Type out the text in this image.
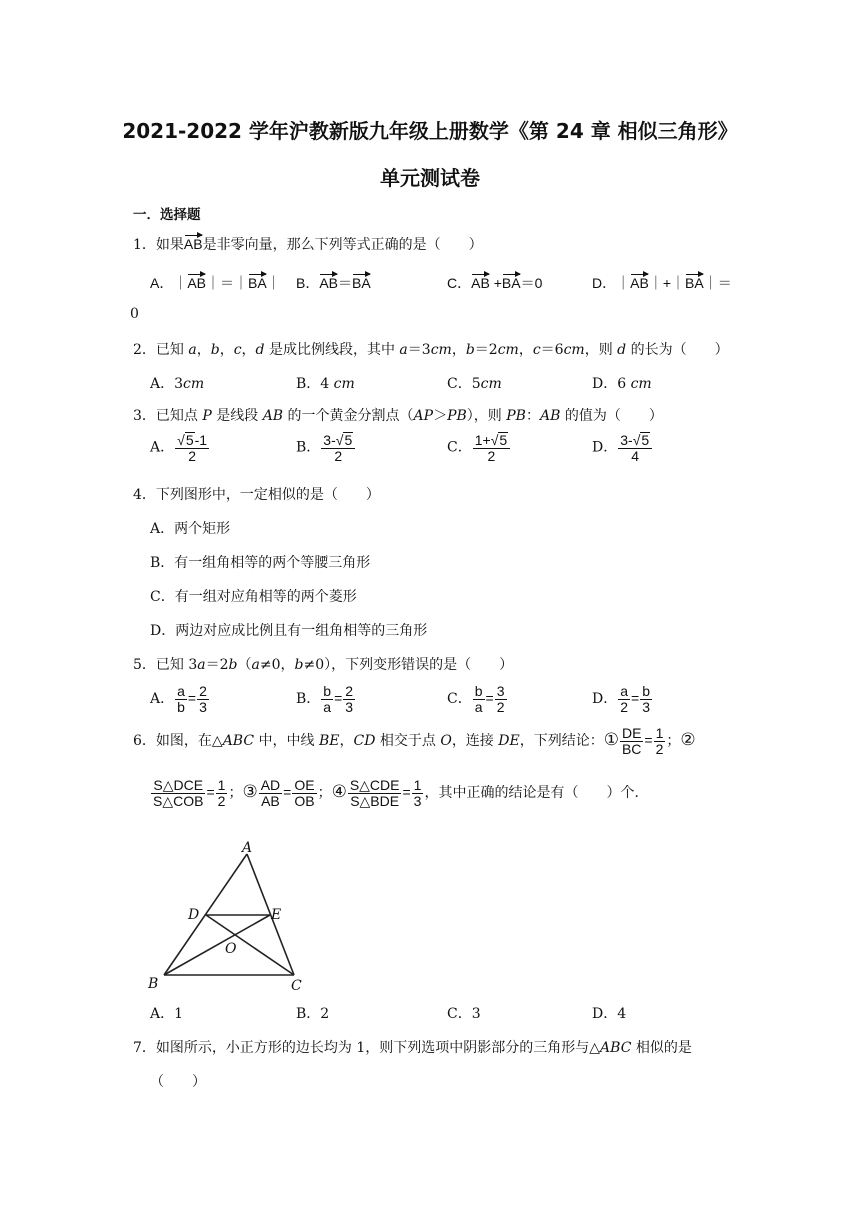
2021-2022 学年沪教新版九年级上册数学《第 24 章 相似三角形》
单元测试卷
一．选择题
1．如果AB是非零向量，那么下列等式正确的是（　　）
A．｜AB｜＝｜BA｜ B．AB＝BA	C．AB +BA＝0	D．｜AB｜+｜BA｜＝
0
2．已知 a，b，c，d 是成比例线段，其中 a＝3cm，b＝2cm，c＝6cm，则 d 的长为（　　）
A．3cm	B．4 cm	C．5cm	D．6 cm
3．已知点 P 是线段 AB 的一个黄金分割点（AP＞PB），则 PB：AB 的值为（　　）
A． $\frac{√5-1}{2}$	B． $\frac{3-√5}{2}$	C． $\frac{1+√5}{2}$	D． $\frac{3-√5}{4}$
4．下列图形中，一定相似的是（　　）
A．两个矩形
B．有一组角相等的两个等腰三角形
C．有一组对应角相等的两个菱形
D．两边对应成比例且有一组角相等的三角形
5．已知 3a＝2b（a≠0，b≠0），下列变形错误的是（　　）
A． $\frac{a}{b} = \frac{2}{3}$	B． $\frac{b}{a} = \frac{2}{3}$	C． $\frac{b}{a} = \frac{3}{2}$	D． $\frac{a}{2} = \frac{b}{3}$
6．如图，在△ABC 中，中线 BE，CD 相交于点 O，连接 DE，下列结论：① $\frac{DE}{BC} = \frac{1}{2}$ ；②
$\frac{\text{S△DCE}}{\text{S△COB}} = \frac{1}{2}$ ；③ $\frac{AD}{AB} = \frac{OE}{OB}$ ；④ $\frac{\text{S△CDE}}{\text{S△BDE}} = \frac{1}{3}$ ，其中正确的结论是有（　　）个．
A
D	E
O
B	C
A．1	B．2	C．3	D．4
7．如图所示，小正方形的边长均为 1，则下列选项中阴影部分的三角形与△ABC 相似的是
（　　）
